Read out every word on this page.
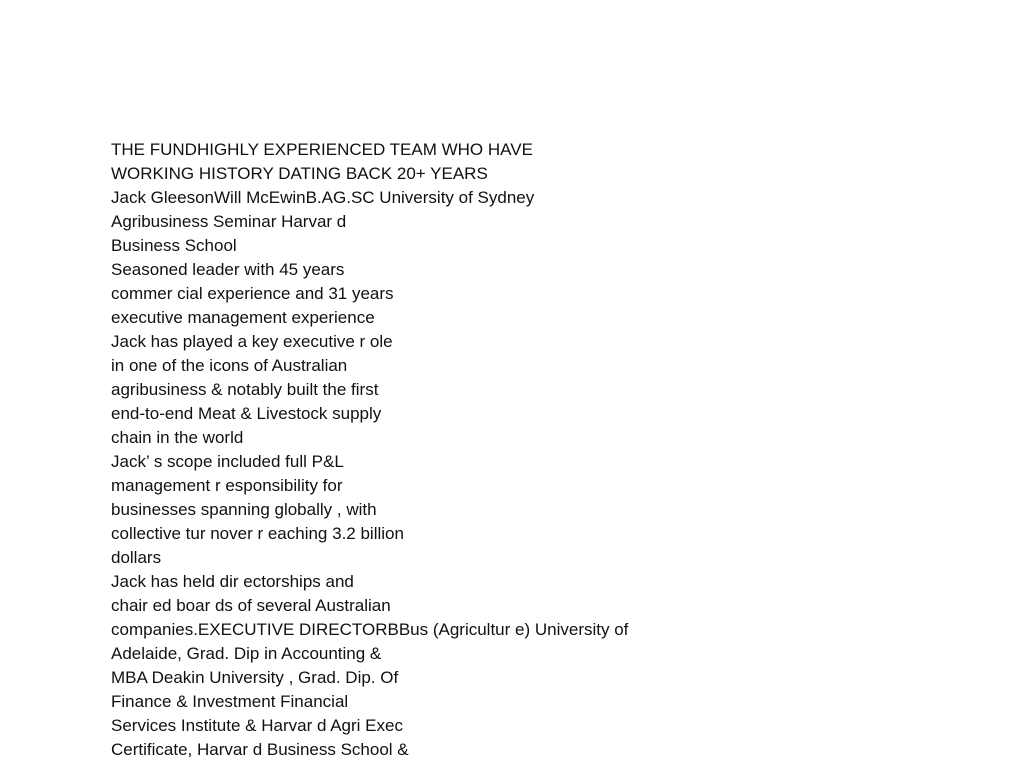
THE FUNDHIGHLY EXPERIENCED TEAM WHO HAVE
WORKING HISTORY DATING BACK 20+ YEARS
Jack GleesonWill McEwinB.AG.SC University of Sydney
Agribusiness Seminar Harvar d
Business School
Seasoned leader with 45 years
commer cial experience and 31 years
executive management experience
Jack has played a key executive r ole
in one of the icons of Australian
agribusiness & notably built the first
end-to-end Meat & Livestock supply
chain in the world
Jack’ s scope included full P&L
management r esponsibility for
businesses spanning globally , with
collective tur nover r eaching 3.2 billion
dollars
Jack has held dir ectorships and
chair ed boar ds of several Australian
companies.EXECUTIVE DIRECTORBBus (Agricultur e) University of
Adelaide, Grad. Dip in Accounting &
MBA Deakin University , Grad. Dip. Of
Finance & Investment Financial
Services Institute & Harvar d Agri Exec
Certificate, Harvar d Business School &
